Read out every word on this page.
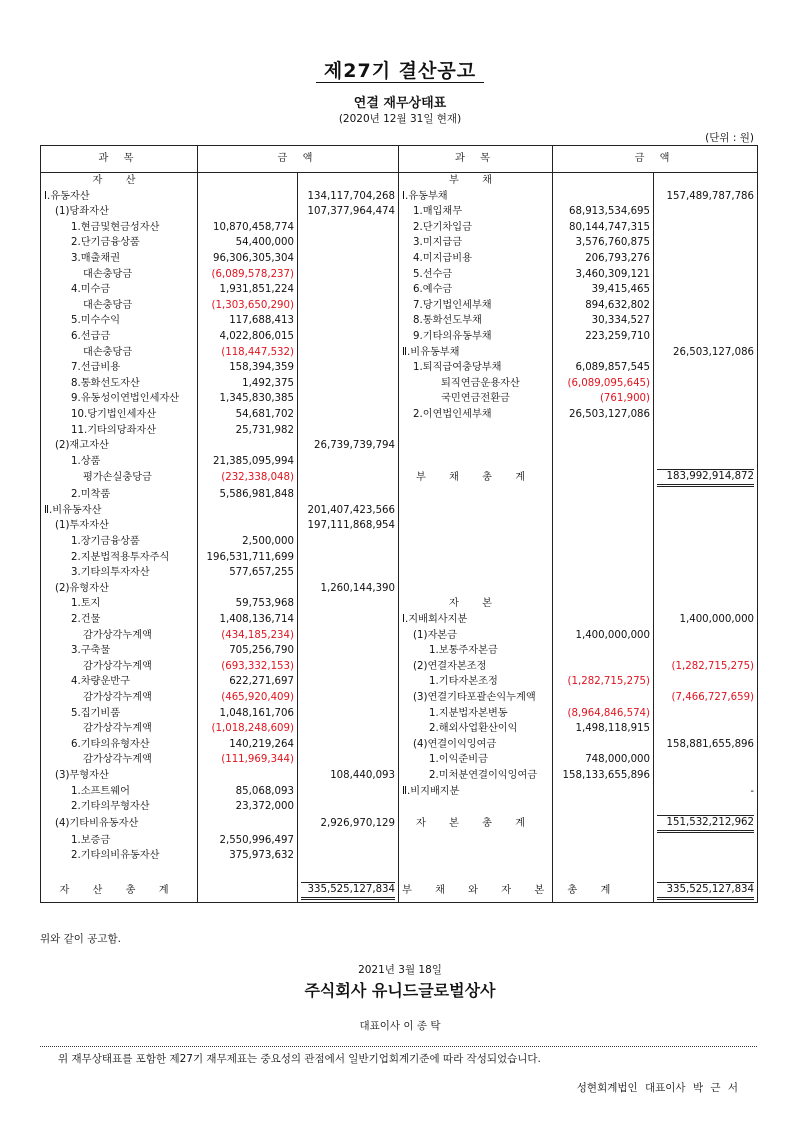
제27기 결산공고
연결 재무상태표
(2020년 12월 31일 현재)
(단위 : 원)
과 목	금 액		과 목	금 액	
자 산			부 채		
Ⅰ.유동자산		134,117,704,268	Ⅰ.유동부채		157,489,787,786
(1)당좌자산		107,377,964,474	1.매입채무	68,913,534,695	
1.현금및현금성자산	10,870,458,774		2.단기차입금	80,144,747,315	
2.단기금융상품	54,400,000		3.미지급금	3,576,760,875	
3.매출채권	96,306,305,304		4.미지급비용	206,793,276	
대손충당금	(6,089,578,237)		5.선수금	3,460,309,121	
4.미수금	1,931,851,224		6.예수금	39,415,465	
대손충당금	(1,303,650,290)		7.당기법인세부채	894,632,802	
5.미수수익	117,688,413		8.통화선도부채	30,334,527	
6.선급금	4,022,806,015		9.기타의유동부채	223,259,710	
대손충당금	(118,447,532)		Ⅱ.비유동부채		26,503,127,086
7.선급비용	158,394,359		1.퇴직급여충당부채	6,089,857,545	
8.통화선도자산	1,492,375		퇴직연금운용자산	(6,089,095,645)	
9.유동성이연법인세자산	1,345,830,385		국민연금전환금	(761,900)	
10.당기법인세자산	54,681,702		2.이연법인세부채	26,503,127,086	
11.기타의당좌자산	25,731,982				
(2)재고자산		26,739,739,794			
1.상품	21,385,095,994				
평가손실충당금	(232,338,048)		부 채 총 계		183,992,914,872

2.미착품	5,586,981,848				
Ⅱ.비유동자산		201,407,423,566			
(1)투자자산		197,111,868,954			
1.장기금융상품	2,500,000				
2.지분법적용투자주식	196,531,711,699				
3.기타의투자자산	577,657,255				
(2)유형자산		1,260,144,390			
1.토지	59,753,968		자 본		
2.건물	1,408,136,714		Ⅰ.지배회사지분		1,400,000,000
감가상각누계액	(434,185,234)		(1)자본금	1,400,000,000	
3.구축물	705,256,790		1.보통주자본금		
감가상각누계액	(693,332,153)		(2)연결자본조정		(1,282,715,275)
4.차량운반구	622,271,697		1.기타자본조정	(1,282,715,275)	
감가상각누계액	(465,920,409)		(3)연결기타포괄손익누계액		(7,466,727,659)
5.집기비품	1,048,161,706		1.지분법자본변동	(8,964,846,574)	
감가상각누계액	(1,018,248,609)		2.해외사업환산이익	1,498,118,915	
6.기타의유형자산	140,219,264		(4)연결이익잉여금		158,881,655,896
감가상각누계액	(111,969,344)		1.이익준비금	748,000,000	
(3)무형자산		108,440,093	2.미처분연결이익잉여금	158,133,655,896	
1.소프트웨어	85,068,093		Ⅱ.비지배지분		-
2.기타의무형자산	23,372,000				
(4)기타비유동자산		2,926,970,129	자 본 총 계		151,532,212,962

1.보증금	2,550,996,497				
2.기타의비유동자산	375,973,632				

자 산 총 계		335,525,127,834	부 채 와 자 본 총 계		335,525,127,834
위와 같이 공고함.
2021년 3월 18일
주식회사 유니드글로벌상사
대표이사 이 종 탁
위 재무상태표를 포함한 제27기 재무제표는 중요성의 관점에서 일반기업회계기준에 따라 작성되었습니다.
성현회계법인 대표이사 박 근 서
